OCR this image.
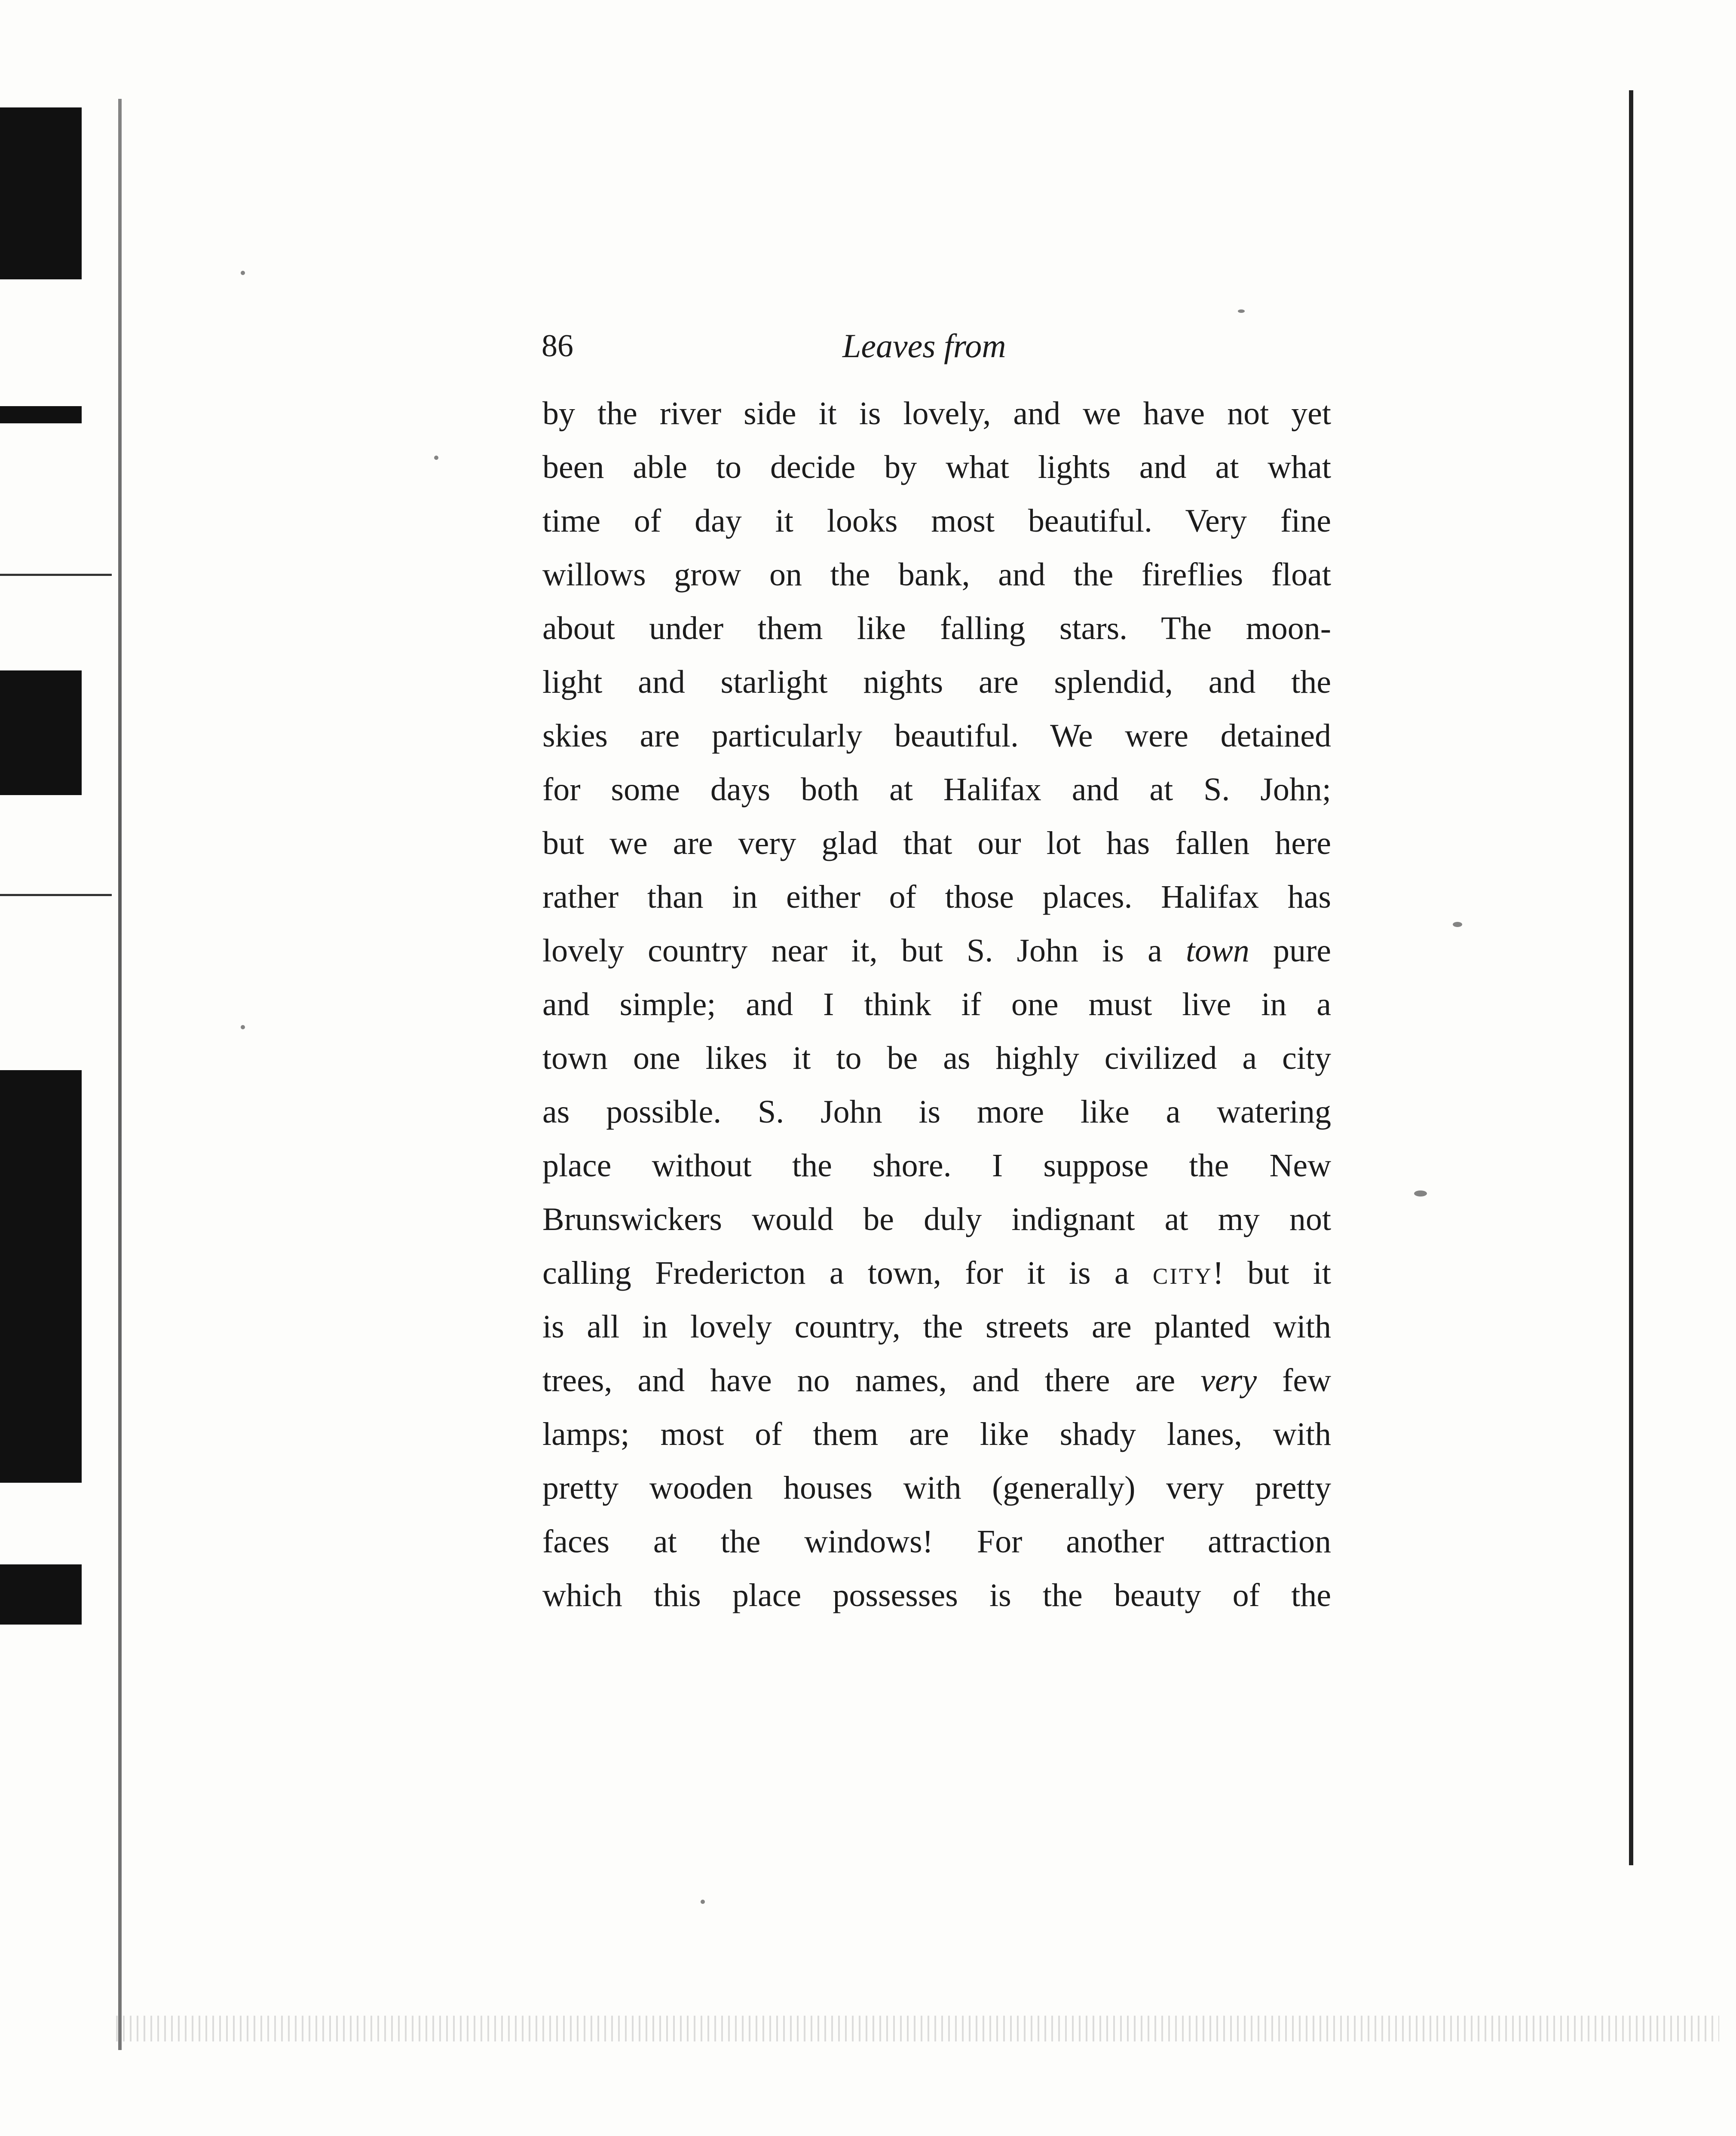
86	Leaves from
by the river side it is lovely, and we have not yet
been able to decide by what lights and at what
time of day it looks most beautiful. Very fine
willows grow on the bank, and the fireflies float
about under them like falling stars. The moon-
light and starlight nights are splendid, and the
skies are particularly beautiful. We were detained
for some days both at Halifax and at S. John;
but we are very glad that our lot has fallen here
rather than in either of those places. Halifax has
lovely country near it, but S. John is a town pure
and simple; and I think if one must live in a
town one likes it to be as highly civilized a city
as possible. S. John is more like a watering
place without the shore. I suppose the New
Brunswickers would be duly indignant at my not
calling Fredericton a town, for it is a city! but it
is all in lovely country, the streets are planted with
trees, and have no names, and there are very few
lamps; most of them are like shady lanes, with
pretty wooden houses with (generally) very pretty
faces at the windows! For another attraction
which this place possesses is the beauty of the
